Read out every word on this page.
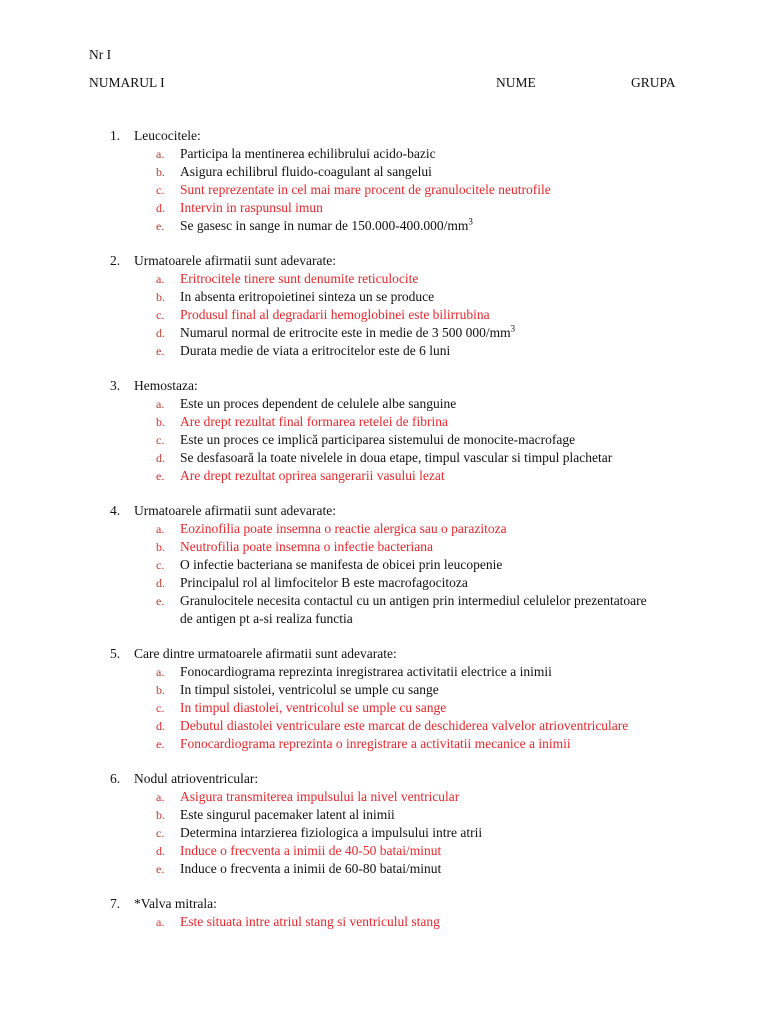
Nr I
NUMARUL I	NUME	GRUPA
1.	Leucocitele:
a.	Participa la mentinerea echilibrului acido-bazic
b.	Asigura echilibrul fluido-coagulant al sangelui
c.	Sunt reprezentate in cel mai mare procent de granulocitele neutrofile
d.	Intervin in raspunsul imun
e.	Se gasesc in sange in numar de $150.000-400.000/mm^3$
2.	Urmatoarele afirmatii sunt adevarate:
a.	Eritrocitele tinere sunt denumite reticulocite
b.	In absenta eritropoietinei sinteza un se produce
c.	Produsul final al degradarii hemoglobinei este bilirrubina
d.	Numarul normal de eritrocite este in medie de 3 500 $000/mm^3$
e.	Durata medie de viata a eritrocitelor este de 6 luni
3.	Hemostaza:
a.	Este un proces dependent de celulele albe sanguine
b.	Are drept rezultat final formarea retelei de fibrina
c.	Este un proces ce implică participarea sistemului de monocite-macrofage
d.	Se desfasoară la toate nivelele in doua etape, timpul vascular si timpul plachetar
e.	Are drept rezultat oprirea sangerarii vasului lezat
4.	Urmatoarele afirmatii sunt adevarate:
a.	Eozinofilia poate insemna o reactie alergica sau o parazitoza
b.	Neutrofilia poate insemna o infectie bacteriana
c.	O infectie bacteriana se manifesta de obicei prin leucopenie
d.	Principalul rol al limfocitelor B este macrofagocitoza
e.	Granulocitele necesita contactul cu un antigen prin intermediul celulelor prezentatoare
de antigen pt a-si realiza functia
5.	Care dintre urmatoarele afirmatii sunt adevarate:
a.	Fonocardiograma reprezinta inregistrarea activitatii electrice a inimii
b.	In timpul sistolei, ventricolul se umple cu sange
c.	In timpul diastolei, ventricolul se umple cu sange
d.	Debutul diastolei ventriculare este marcat de deschiderea valvelor atrioventriculare
e.	Fonocardiograma reprezinta o inregistrare a activitatii mecanice a inimii
6.	Nodul atrioventricular:
a.	Asigura transmiterea impulsului la nivel ventricular
b.	Este singurul pacemaker latent al inimii
c.	Determina intarzierea fiziologica a impulsului intre atrii
d.	Induce o frecventa a inimii de 40-50 batai/minut
e.	Induce o frecventa a inimii de 60-80 batai/minut
7.	*Valva mitrala:
a.	Este situata intre atriul stang si ventriculul stang
